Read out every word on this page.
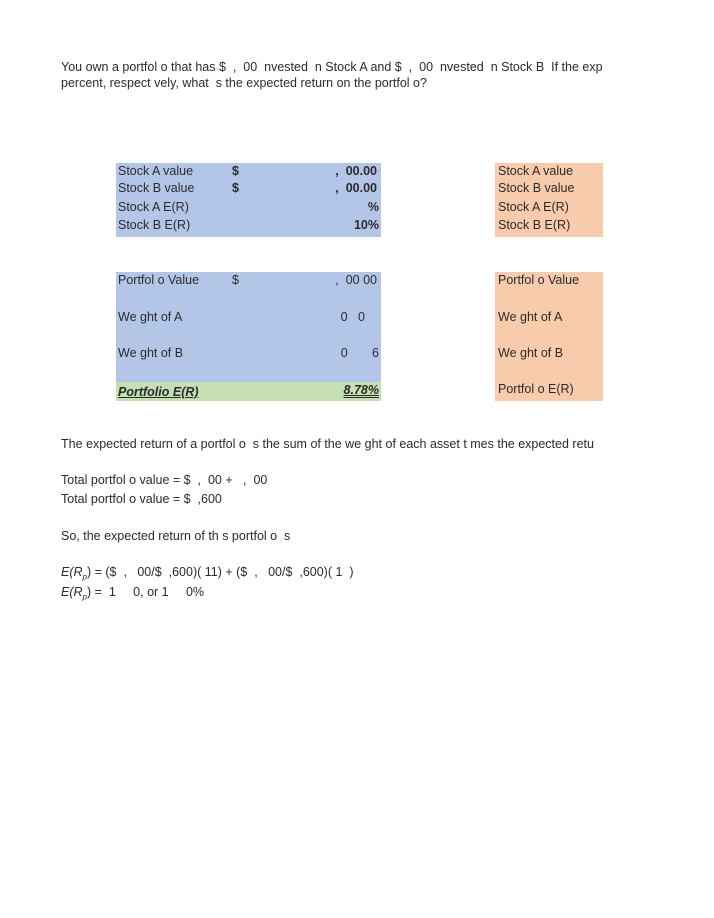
You own a portfol o that has $  ,  00  nvested  n Stock A and $  ,  00  nvested  n Stock B  If the exp
percent, respect vely, what  s the expected return on the portfol o?
Stock A value	$	,  00.00
Stock B value	$	,  00.00
Stock A E(R)	%
Stock B E(R)	10%
Stock A value
Stock B value
Stock A E(R)
Stock B E(R)
Portfol o Value	$	,  00 00
We ght of A	0   0
We ght of B	0       6
Portfolio E(R)	8.78%
Portfol o Value
We ght of A
We ght of B
Portfol o E(R)
The expected return of a portfol o  s the sum of the we ght of each asset t mes the expected retu
Total portfol o value = $  ,  00 +   ,  00
Total portfol o value = $  ,600
So, the expected return of th s portfol o  s
$E(R_p)$ = ($  ,   00/$  ,600)( 11) + ($  ,   00/$  ,600)( 1  )
$E(R_p) = 1$     0, or 1     0%
